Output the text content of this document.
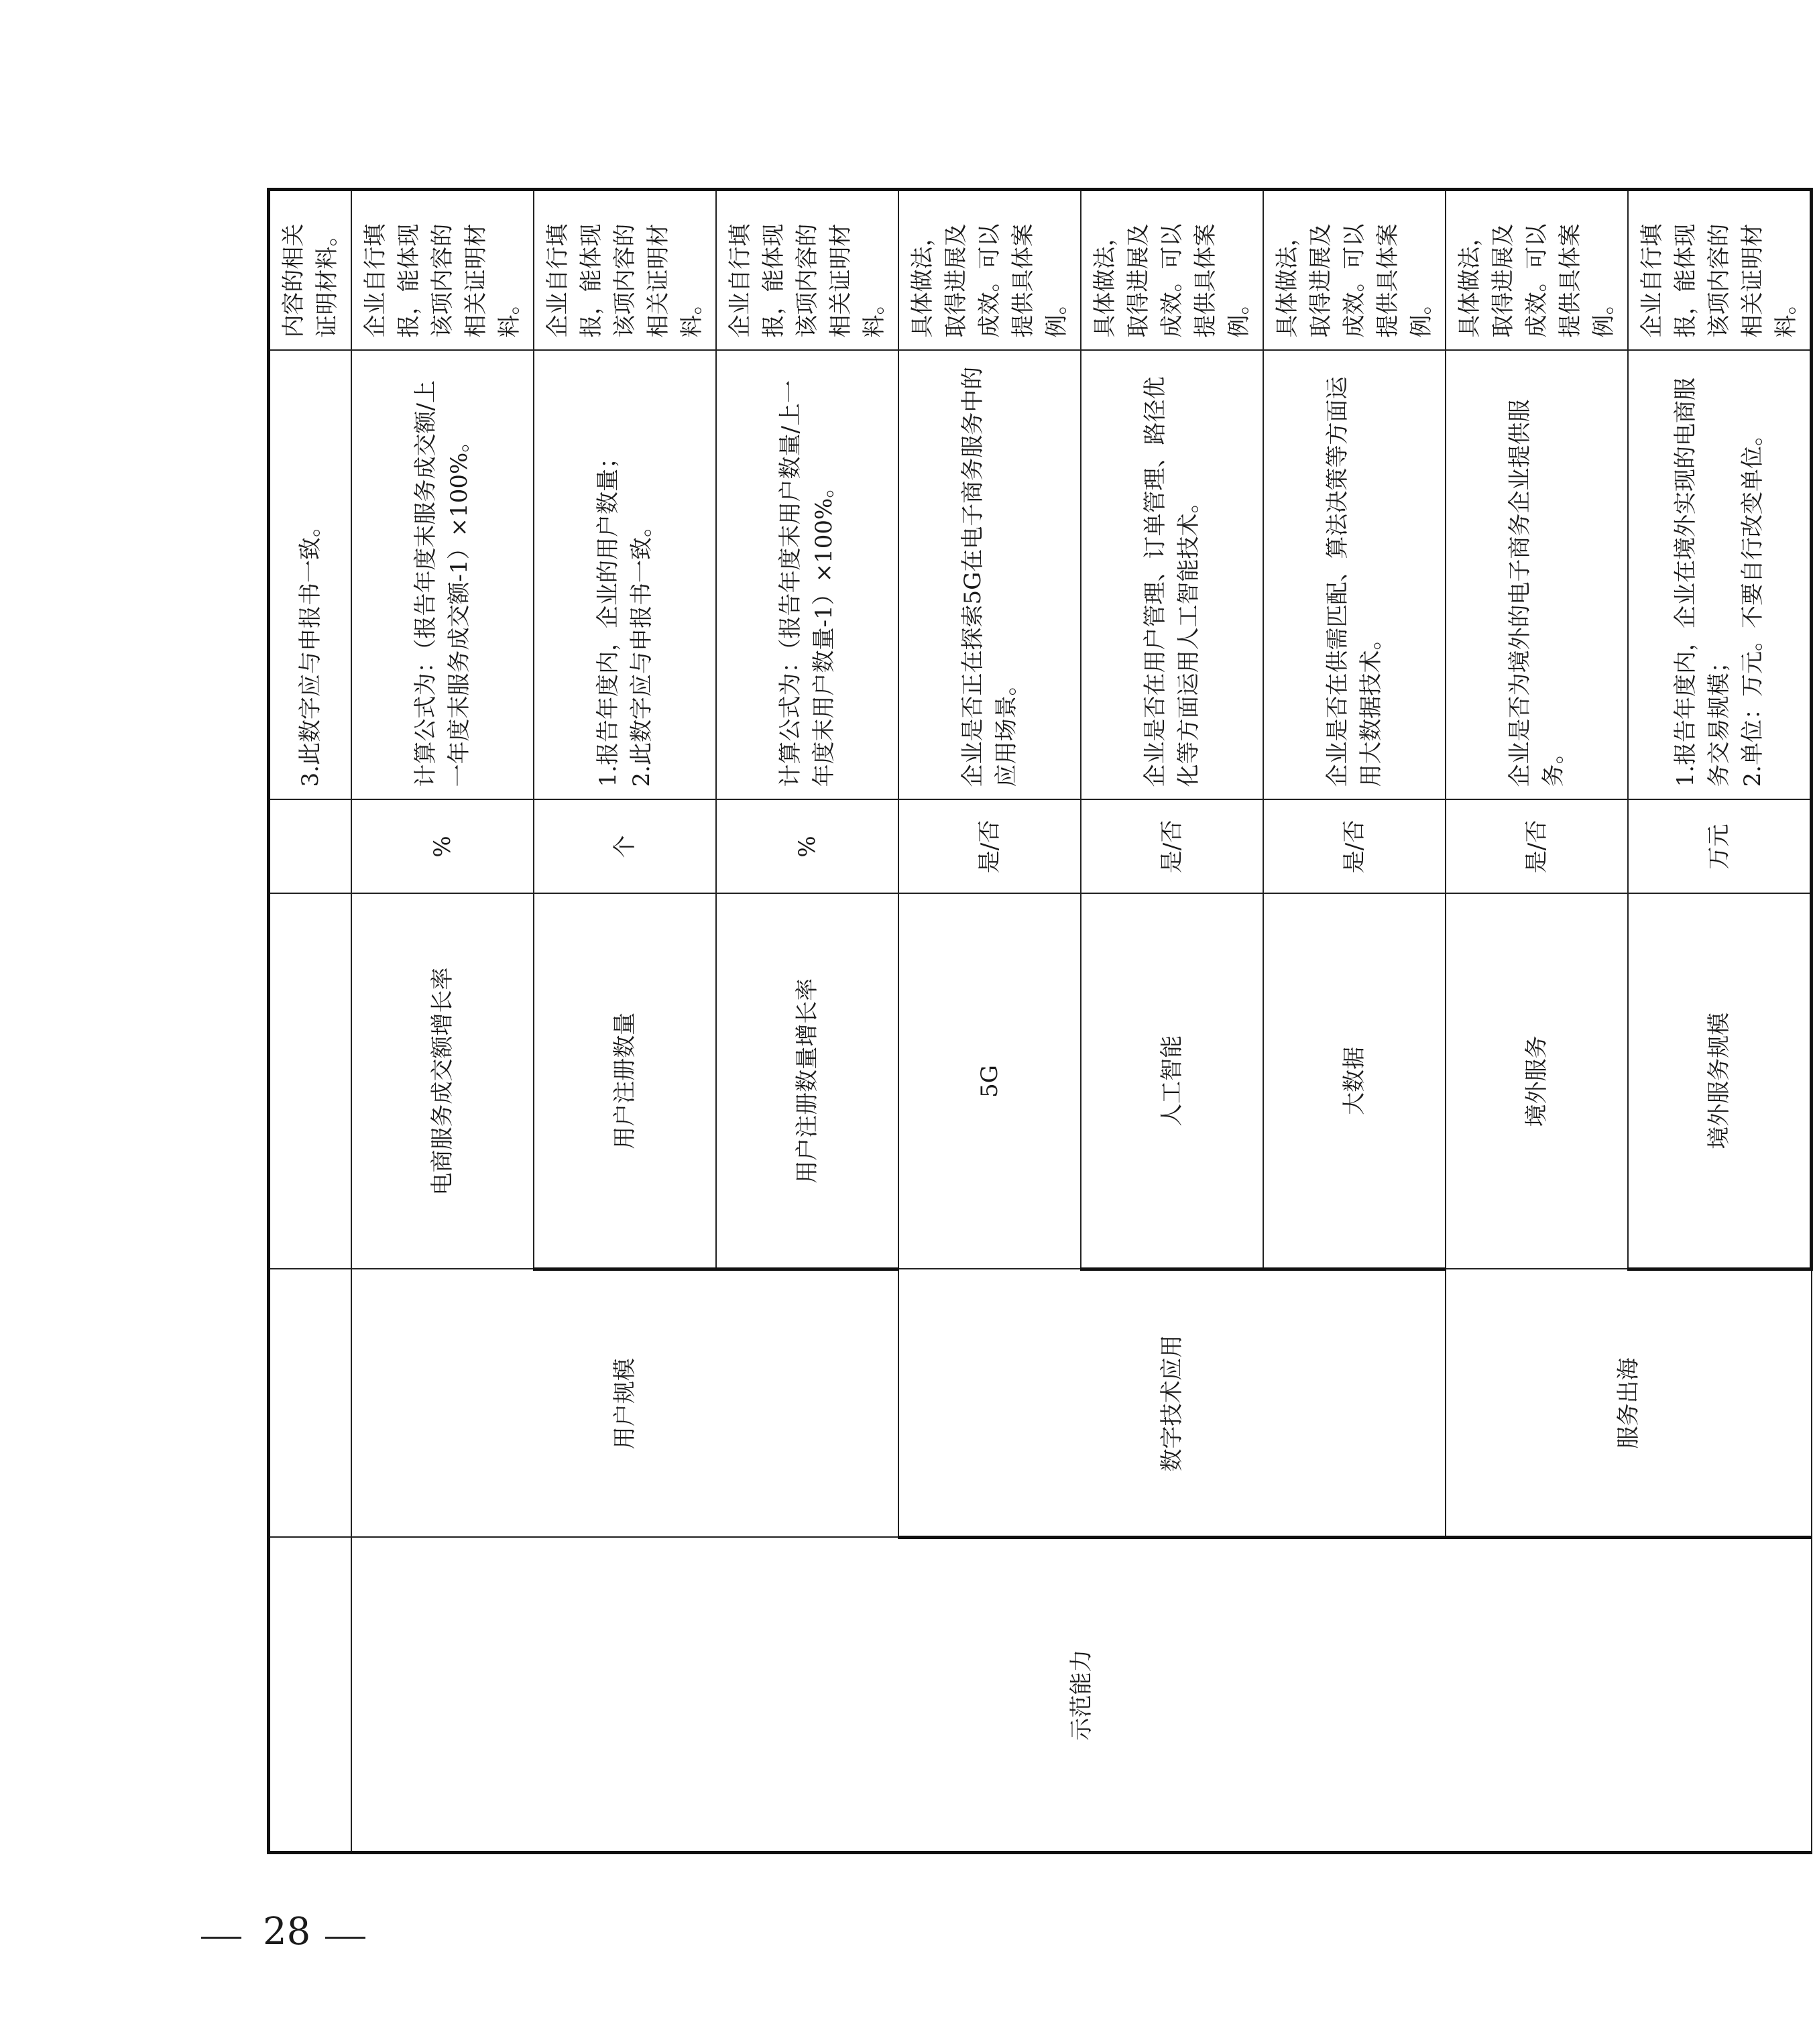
				3.此数字应与申报书一致。	内容的相关证明材料。
示范能力	用户规模	电商服务成交额增长率	%	计算公式为：（报告年度末服务成交额/上一年度末服务成交额-1）×100%。	企业自行填报，能体现该项内容的相关证明材料。
		用户注册数量	个	1.报告年度内，企业的用户数量； 2.此数字应与申报书一致。	企业自行填报，能体现该项内容的相关证明材料。
		用户注册数量增长率	%	计算公式为：（报告年度末用户数量/上一年度末用户数量-1）×100%。	企业自行填报，能体现该项内容的相关证明材料。
	数字技术应用	5G	是/否	企业是否正在探索5G在电子商务服务中的应用场景。	具体做法，取得进展及成效。可以提供具体案例。
		人工智能	是/否	企业是否在用户管理、订单管理、路径优化等方面运用人工智能技术。	具体做法，取得进展及成效。可以提供具体案例。
		大数据	是/否	企业是否在供需匹配、算法决策等方面运用大数据技术。	具体做法，取得进展及成效。可以提供具体案例。
	服务出海	境外服务	是/否	企业是否为境外的电子商务企业提供服务。	具体做法，取得进展及成效。可以提供具体案例。
		境外服务规模	万元	1.报告年度内，企业在境外实现的电商服务交易规模； 2.单位：万元。不要自行改变单位。	企业自行填报，能体现该项内容的相关证明材料。
28
